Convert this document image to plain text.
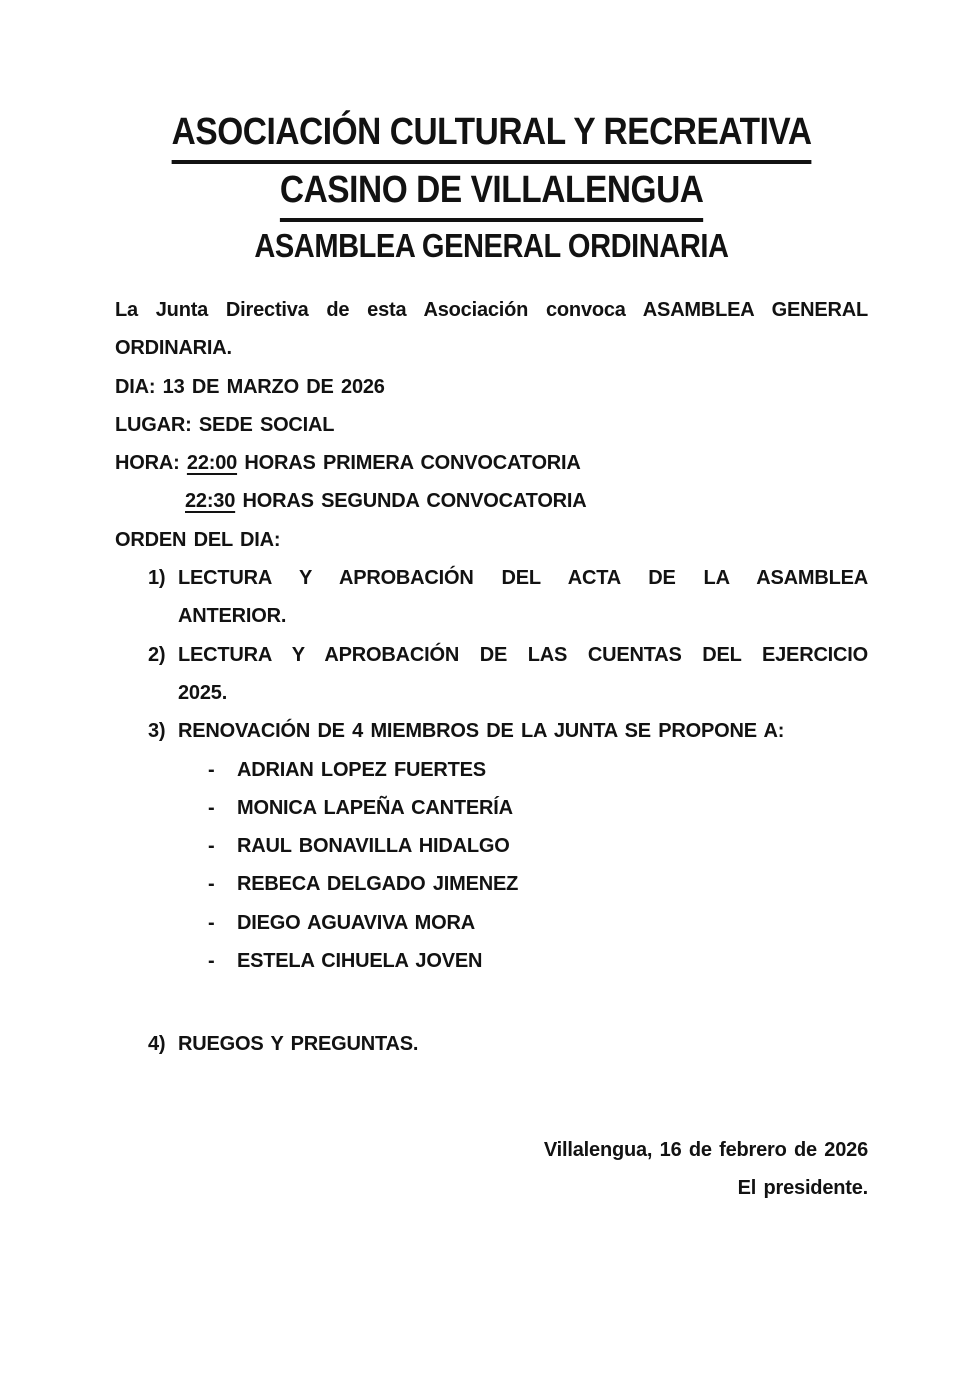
ASOCIACIÓN CULTURAL Y RECREATIVA
CASINO DE VILLALENGUA
ASAMBLEA GENERAL ORDINARIA

La Junta Directiva de esta Asociación convoca ASAMBLEA GENERAL

ORDINARIA.

DIA: 13 DE MARZO DE 2026

LUGAR: SEDE SOCIAL

HORA: 22:00 HORAS PRIMERA CONVOCATORIA

22:30 HORAS SEGUNDA CONVOCATORIA

ORDEN DEL DIA:

1) LECTURA Y APROBACIÓN DEL ACTA DE LA ASAMBLEA

ANTERIOR.

2) LECTURA Y APROBACIÓN DE LAS CUENTAS DEL EJERCICIO

2025.

3) RENOVACIÓN DE 4 MIEMBROS DE LA JUNTA SE PROPONE A:

- ADRIAN LOPEZ FUERTES

- MONICA LAPEÑA CANTERÍA

- RAUL BONAVILLA HIDALGO

- REBECA DELGADO JIMENEZ

- DIEGO AGUAVIVA MORA

- ESTELA CIHUELA JOVEN

4) RUEGOS Y PREGUNTAS.

Villalengua, 16 de febrero de 2026

El presidente.
